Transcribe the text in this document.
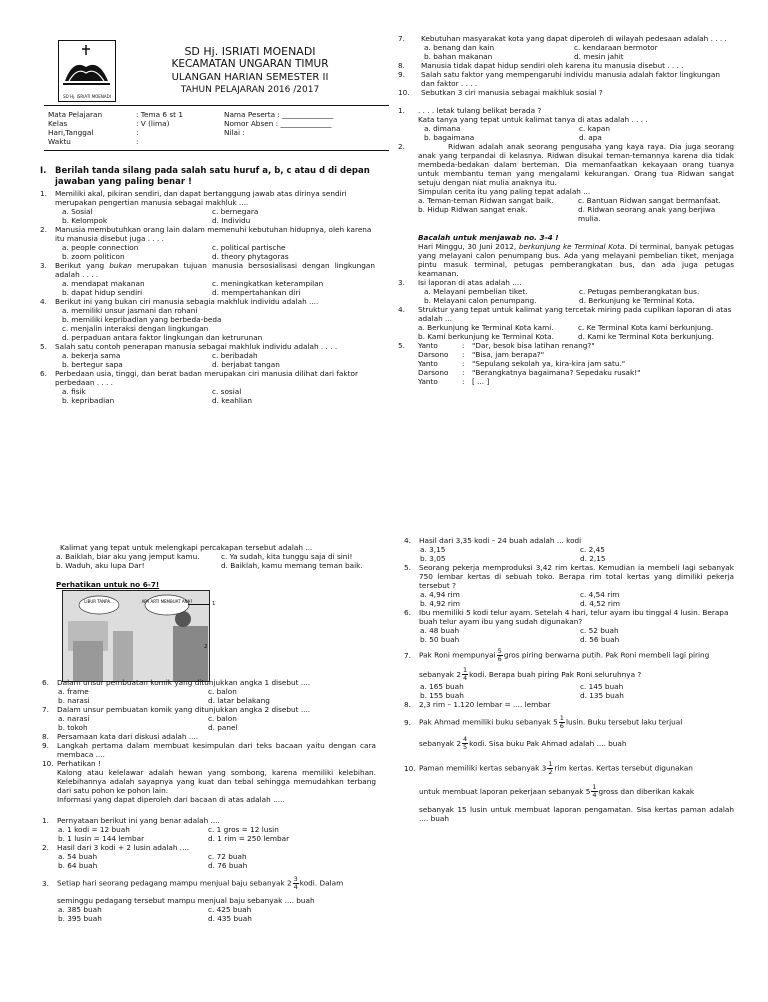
SD Hj. ISRIATI MOENADI
SD Hj. ISRIATI MOENADI
KECAMATAN UNGARAN TIMUR
ULANGAN HARIAN SEMESTER II
TAHUN PELAJARAN 2016 /2017
Mata Pelajaran	: Tema 6 st 1	Nama Peserta : ______________
Kelas	: V (lima)	Nomor Absen : ______________
Hari,Tanggal	:	Nilai :
Waktu	:
I.	Berilah tanda silang pada salah satu huruf a, b, c atau d di depan jawaban yang paling benar !
1.	Memiliki akal, pikiran sendiri, dan dapat bertanggung jawab atas dirinya sendiri merupakan pengertian manusia sebagai makhluk ....
a. Sosial	c. bernegara
b. Kelompok	d. Individu
2.	Manusia membutuhkan orang lain dalam memenuhi kebutuhan hidupnya, oleh karena itu manusia disebut juga . . . .
a. people connection	c. political partische
b. zoom politicon	d. theory phytagoras
3.	Berikut yang bukan merupakan tujuan manusia bersosialisasi dengan lingkungan adalah . . . .
a. mendapat makanan	c. meningkatkan keterampilan
b. dapat hidup sendiri	d. mempertahankan diri
4.	Berikut ini yang bukan ciri manusia sebagia makhluk individu adalah ....
a. memiliki unsur jasmani dan rohani
b. memiliki kepribadian yang berbeda-beda
c. menjalin interaksi dengan lingkungan
d. perpaduan antara faktor lingkungan dan ketrurunan
5.	Salah satu contoh penerapan manusia sebagai makhluk individu adalah . . . .
a. bekerja sama	c. beribadah
b. bertegur sapa	d. berjabat tangan
6.	Perbedaan usia, tinggi, dan berat badan merupakan ciri manusia dilihat dari faktor perbedaan . . . .
a. fisik	c. sosial
b. kepribadian	d. keahlian
7.	Kebutuhan masyarakat kota yang dapat diperoleh di wilayah pedesaan adalah . . . .
a. benang dan kain	c. kendaraan bermotor
b. bahan makanan	d. mesin jahit
8.	Manusia tidak dapat hidup sendiri oleh karena itu manusia disebut . . . .
9.	Salah satu faktor yang mempengaruhi individu manusia adalah faktor lingkungan dan faktor . . . .
10.	Sebutkan 3 ciri manusia sebagai makhluk sosial ?
1.	. . . . letak tulang belikat berada ?
Kata tanya yang tepat untuk kalimat tanya di atas adalah . . . .
a. dimana	c. kapan
b. bagaimana	d. apa
2.	Ridwan adalah anak seorang pengusaha yang kaya raya. Dia juga seorang anak yang terpandai di kelasnya. Ridwan disukai teman-temannya karena dia tidak membeda-bedakan dalam berteman. Dia memanfaatkan kekayaan orang tuanya untuk membantu teman yang mengalami kekurangan. Orang tua Ridwan sangat setuju dengan niat mulia anaknya itu.
Simpulan cerita itu yang paling tepat adalah ...
a. Teman-teman Ridwan sangat baik.	c. Bantuan Ridwan sangat bermanfaat.
b. Hidup Ridwan sangat enak.	d. Ridwan seorang anak yang berjiwa mulia.
Bacalah untuk menjawab no. 3-4 !
Hari Minggu, 30 Juni 2012, berkunjung ke Terminal Kota. Di terminal, banyak petugas yang melayani calon penumpang bus. Ada yang melayani pembelian tiket, menjaga pintu masuk terminal, petugas pemberangkatan bus, dan ada juga petugas keamanan.
3.	Isi laporan di atas adalah ....
a. Melayani pembelian tiket.	c. Petugas pemberangkatan bus.
b. Melayani calon penumpang.	d. Berkunjung ke Terminal Kota.
4.	Struktur yang tepat untuk kalimat yang tercetak miring pada cuplikan laporan di atas adalah ...
a. Berkunjung ke Terminal Kota kami.	c. Ke Terminal Kota kami berkunjung.
b. Kami berkunjung ke Terminal Kota.	d. Kami ke Terminal Kota berkunjung.
5.	Yanto	:	"Dar, besok bisa latihan renang?"
Darsono	:	"Bisa, jam berapa?"
Yanto	:	"Sepulang sekolah ya, kira-kira jam satu."
Darsono	:	"Berangkatnya bagaimana? Sepedaku rusak!"
Yanto	:	[ ... ]
Kalimat yang tepat untuk melengkapi percakapan tersebut adalah ...
a. Baiklah, biar aku yang jemput kamu.	c. Ya sudah, kita tunggu saja di sini!
b. Waduh, aku lupa Dar!	d. Baiklah, kamu memang teman baik.
Perhatikan untuk no 6-7!
LIBUR TANPA...	APA ARTI MEMBUAT ANA?	1
2
6.	Dalam unsur pembuatan komik yang ditunjukkan angka 1 disebut ....
a. frame	c. balon
b. narasi	d. latar belakang
7.	Dalam unsur pembuatan komik yang ditunjukkan angka 2 disebut ....
a. narasi	c. balon
b. tokoh	d. panel
8.	Persamaan kata dari diskusi adalah ....
9.	Langkah pertama dalam membuat kesimpulan dari teks bacaan yaitu dengan cara membaca ....
10. Perhatikan !
Kalong atau kelelawar adalah hewan yang sombong, karena memiliki kelebihan. Kelebihannya adalah sayapnya yang kuat dan tebal sehingga memudahkan terbang dari satu pohon ke pohon lain.
Informasi yang dapat diperoleh dari bacaan di atas adalah .....
1.	Pernyataan berikut ini yang benar adalah ....
a. 1 kodi = 12 buah	c. 1 gros = 12 lusin
b. 1 lusin = 144 lembar	d. 1 rim = 250 lembar
2.	Hasil dari 3 kodi + 2 lusin adalah ....
a. 54 buah	c. 72 buah
b. 64 buah	d. 76 buah
3.	Setiap hari seorang pedagang mampu menjual baju sebanyak $2 \frac{3}{4}$ kodi. Dalam
seminggu pedagang tersebut mampu menjual baju sebanyak .... buah
a. 385 buah	c. 425 buah
b. 395 buah	d. 435 buah
4.	Hasil dari 3,35 kodi – 24 buah adalah ... kodi
a. 3,15	c. 2,45
b. 3,05	d. 2,15
5.	Seorang pekerja memproduksi 3,42 rim kertas. Kemudian ia membeli lagi sebanyak 750 lembar kertas di sebuah toko. Berapa rim total kertas yang dimiliki pekerja tersebut ?
a. 4,94 rim	c. 4,54 rim
b. 4,92 rim	d. 4,52 rim
6.	Ibu memiliki 5 kodi telur ayam. Setelah 4 hari, telur ayam ibu tinggal 4 lusin. Berapa buah telur ayam ibu yang sudah digunakan?
a. 48 buah	c. 52 buah
b. 50 buah	d. 56 buah
7.	Pak Roni mempunyai $\frac{5}{6}$ gros piring berwarna putih. Pak Roni membeli lagi piring
sebanyak $2 \frac{1}{4}$ kodi. Berapa buah piring Pak Roni seluruhnya ?
a. 165 buah	c. 145 buah
b. 155 buah	d. 135 buah
8.	2,3 rim – 1.120 lembar = .... lembar
9.	Pak Ahmad memiliki buku sebanyak $5 \frac{1}{6} lusin$. Buku tersebut laku terjual
sebanyak $2 \frac{4}{5}$ kodi. Sisa buku Pak Ahmad adalah .... buah
10. Paman memiliki kertas sebanyak $3 \frac{1}{2}$ rim kertas. Kertas tersebut digunakan
untuk membuat laporan pekerjaan sebanyak $5 \frac{1}{4}$ gross dan diberikan kakak
sebanyak 15 lusin untuk membuat laporan pengamatan. Sisa kertas paman adalah .... buah
